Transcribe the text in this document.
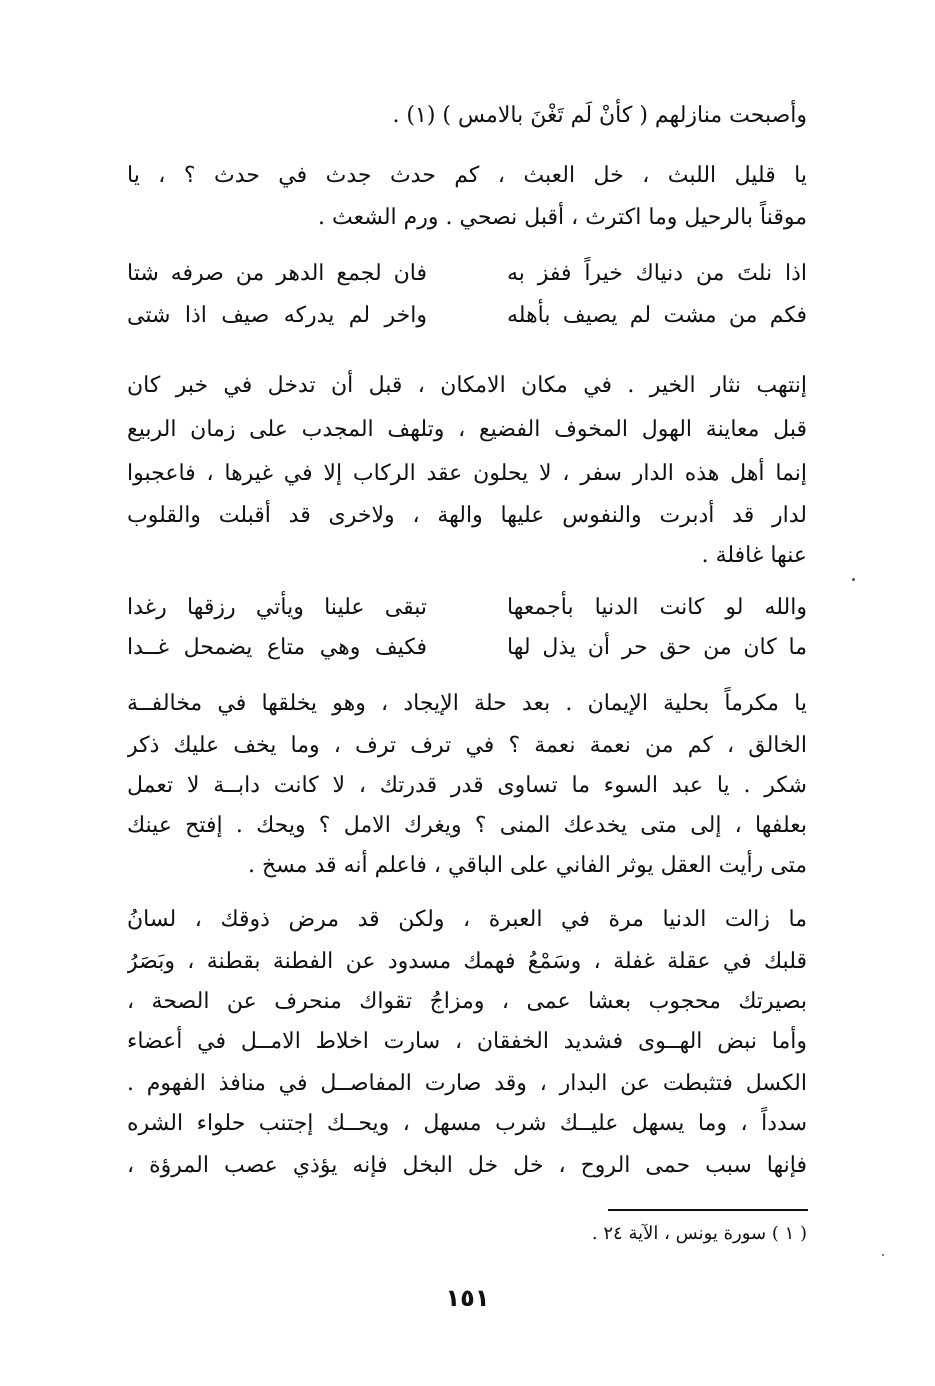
وأصبحت منازلهم ( كأنْ لَم تَغْنَ بالامس ) (١) .
يا قليل اللبث ، خل العبث ، كم حدث جدث في حدث ؟ ، يا
موقناً بالرحيل وما اكترث ، أقبل نصحي . ورم الشعث .
اذا نلتَ من دنياك خيراً ففز به
فان لجمع الدهر من صرفه شتا
فكم من مشت لم يصيف بأهله
واخر لم يدركه صيف اذا شتى
إنتهب نثار الخير . في مكان الامكان ، قبل أن تدخل في خبر كان
قبل معاينة الهول المخوف الفضيع ، وتلهف المجدب على زمان الربيع
إنما أهل هذه الدار سفر ، لا يحلون عقد الركاب إلا في غيرها ، فاعجبوا
لدار قد أدبرت والنفوس عليها والهة ، ولاخرى قد أقبلت والقلوب
عنها غافلة .
والله لو كانت الدنيا بأجمعها
تبقى علينا ويأتي رزقها رغدا
ما كان من حق حر أن يذل لها
فكيف وهي متاع يضمحل غــدا
يا مكرماً بحلية الإيمان . بعد حلة الإيجاد ، وهو يخلقها في مخالفــة
الخالق ، كم من نعمة نعمة ؟ في ترف ترف ، وما يخف عليك ذكر
شكر . يا عبد السوء ما تساوى قدر قدرتك ، لا كانت دابــة لا تعمل
بعلفها ، إلى متى يخدعك المنى ؟ ويغرك الامل ؟ ويحك . إفتح عينك
متى رأيت العقل يوثر الفاني على الباقي ، فاعلم أنه قد مسخ .
ما زالت الدنيا مرة في العبرة ، ولكن قد مرض ذوقك ، لسانُ
قلبك في عقلة غفلة ، وسَمْعُ فهمك مسدود عن الفطنة بقطنة ، وبَصَرُ
بصيرتك محجوب بعشا عمى ، ومزاجُ تقواك منحرف عن الصحة ،
وأما نبض الهــوى فشديد الخفقان ، سارت اخلاط الامــل في أعضاء
الكسل فتثبطت عن البدار ، وقد صارت المفاصــل في منافذ الفهوم .
سدداً ، وما يسهل عليــك شرب مسهل ، ويحــك إجتنب حلواء الشره
فإنها سبب حمى الروح ، خل خل البخل فإنه يؤذي عصب المرؤة ،
( ١ ) سورة يونس ، الآية ٢٤ .
١٥١
